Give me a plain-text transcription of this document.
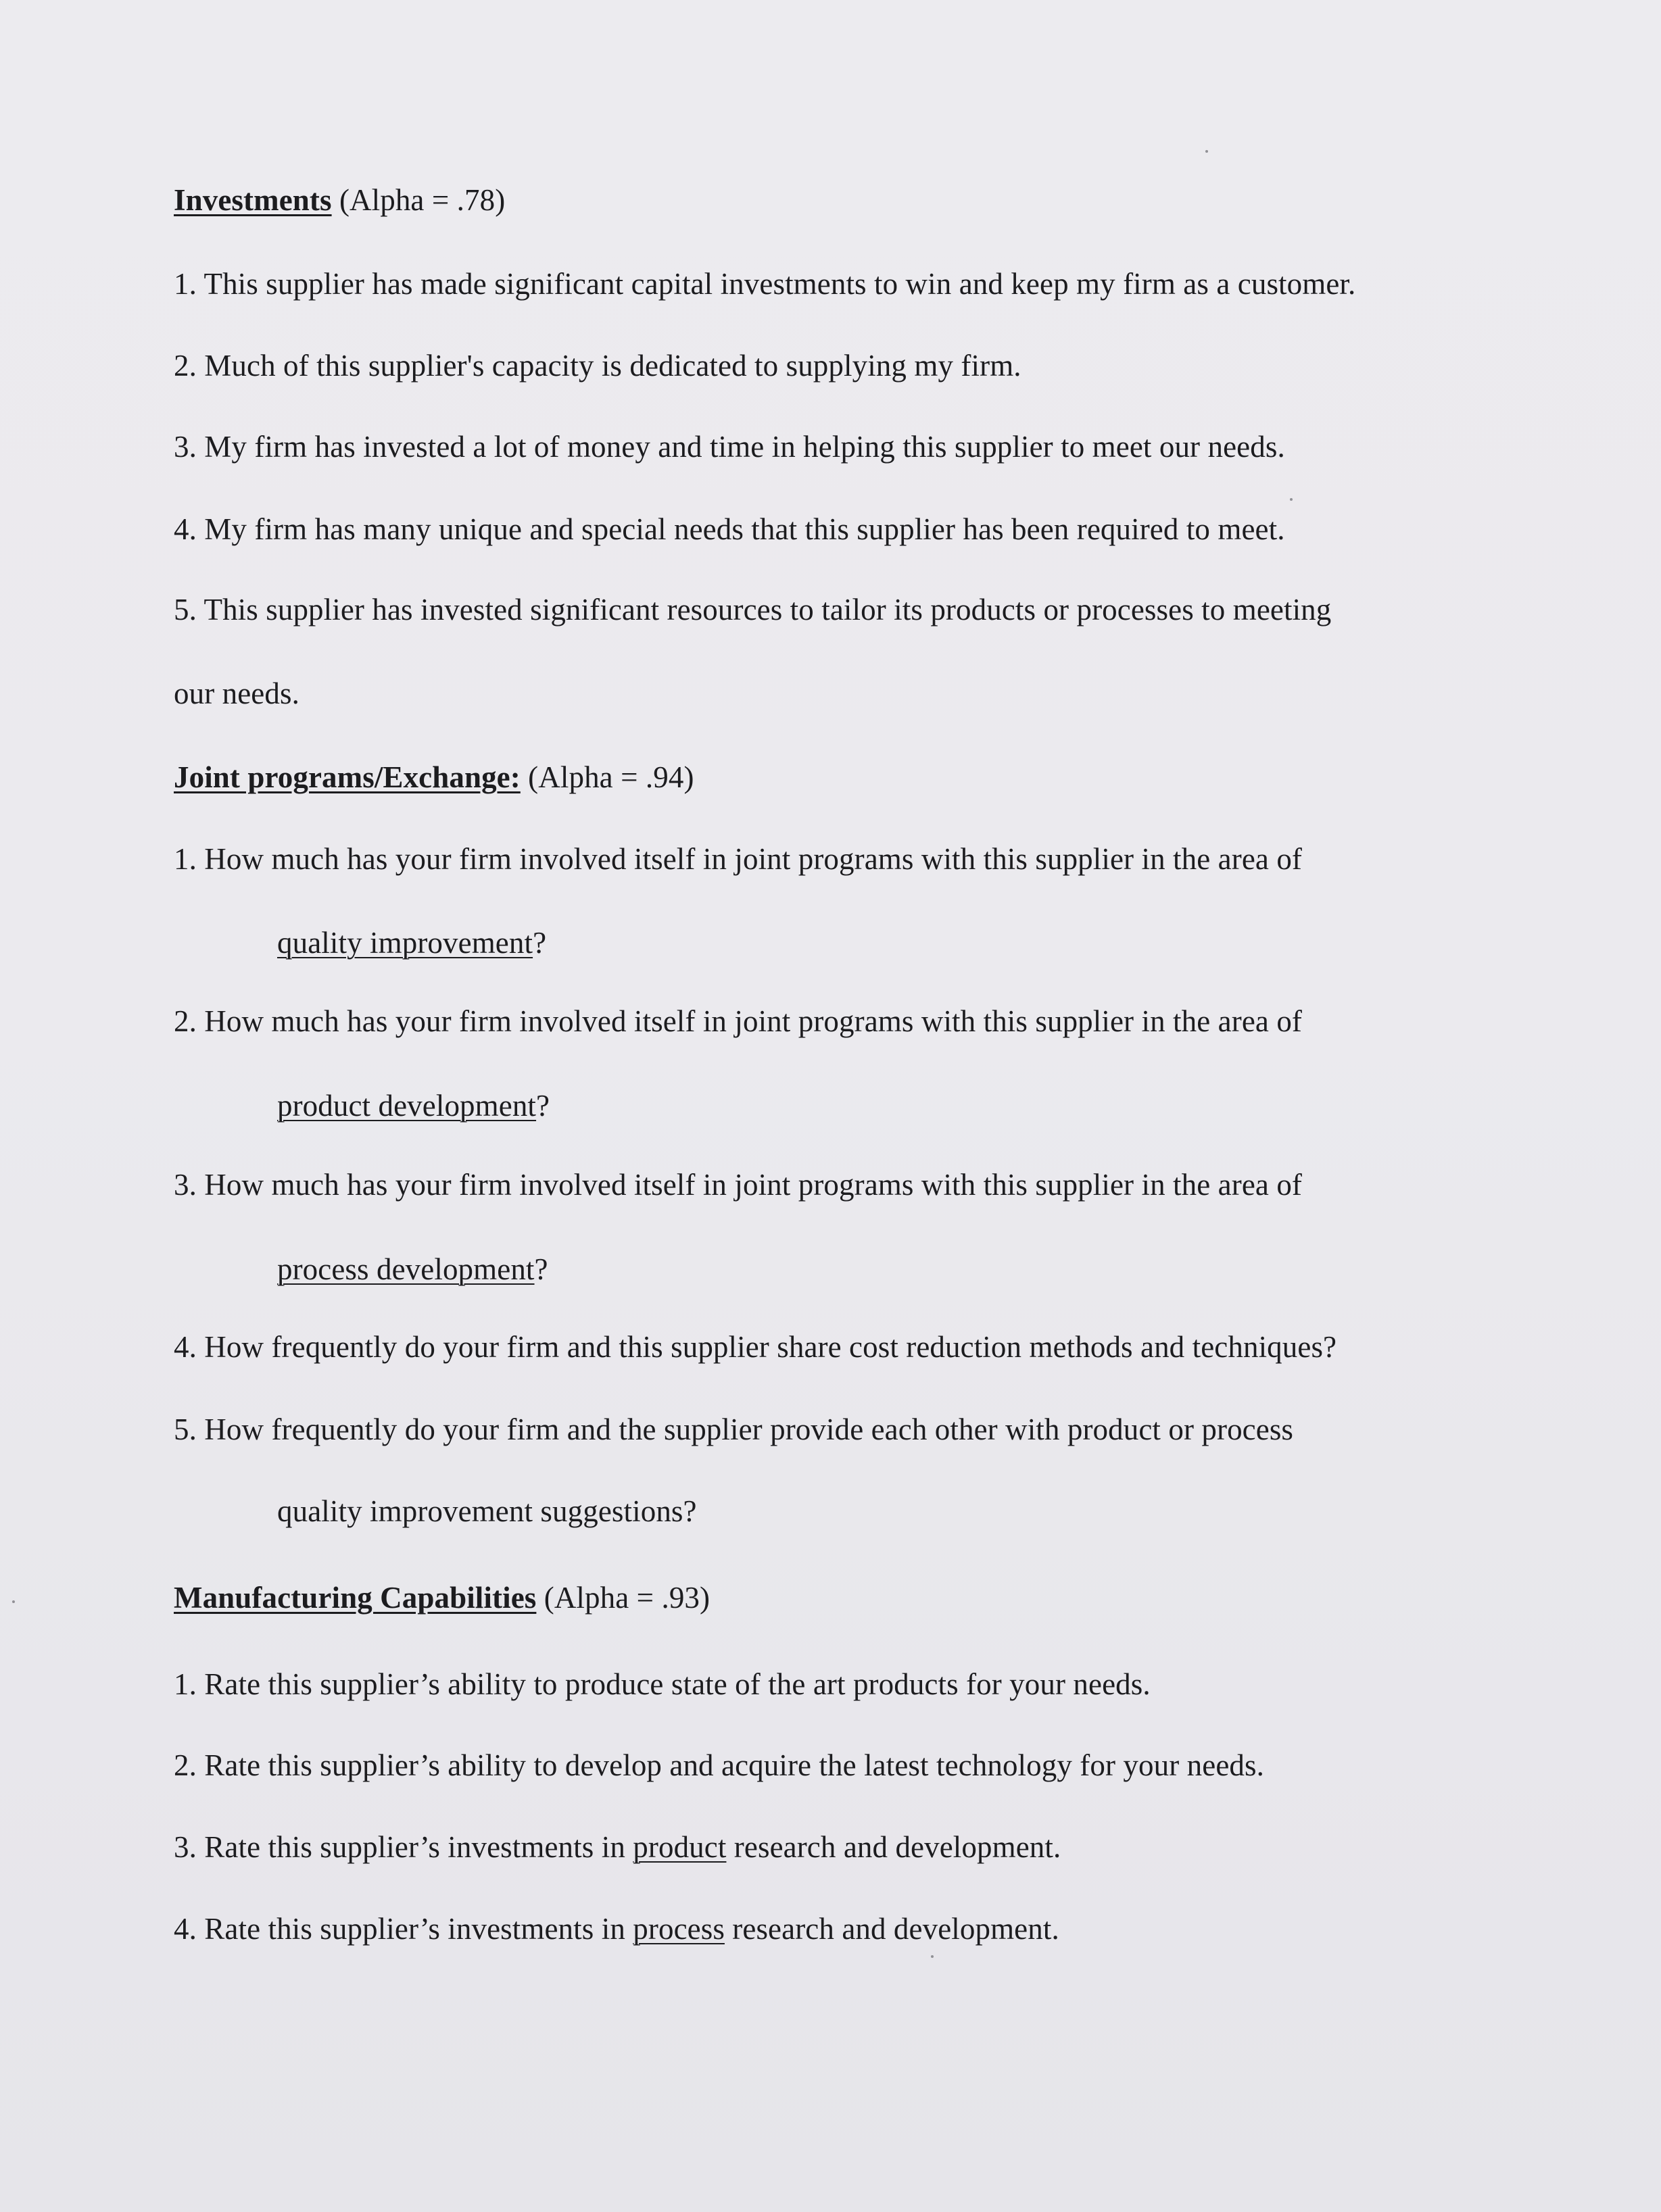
Investments (Alpha = .78)
1. This supplier has made significant capital investments to win and keep my firm as a customer.
2. Much of this supplier's capacity is dedicated to supplying my firm.
3. My firm has invested a lot of money and time in helping this supplier to meet our needs.
4. My firm has many unique and special needs that this supplier has been required to meet.
5. This supplier has invested significant resources to tailor its products or processes to meeting
our needs.
Joint programs/Exchange: (Alpha = .94)
1. How much has your firm involved itself in joint programs with this supplier in the area of
quality improvement?
2. How much has your firm involved itself in joint programs with this supplier in the area of
product development?
3. How much has your firm involved itself in joint programs with this supplier in the area of
process development?
4. How frequently do your firm and this supplier share cost reduction methods and techniques?
5. How frequently do your firm and the supplier provide each other with product or process
quality improvement suggestions?
Manufacturing Capabilities (Alpha = .93)
1. Rate this supplier’s ability to produce state of the art products for your needs.
2. Rate this supplier’s ability to develop and acquire the latest technology for your needs.
3. Rate this supplier’s investments in product research and development.
4. Rate this supplier’s investments in process research and development.
